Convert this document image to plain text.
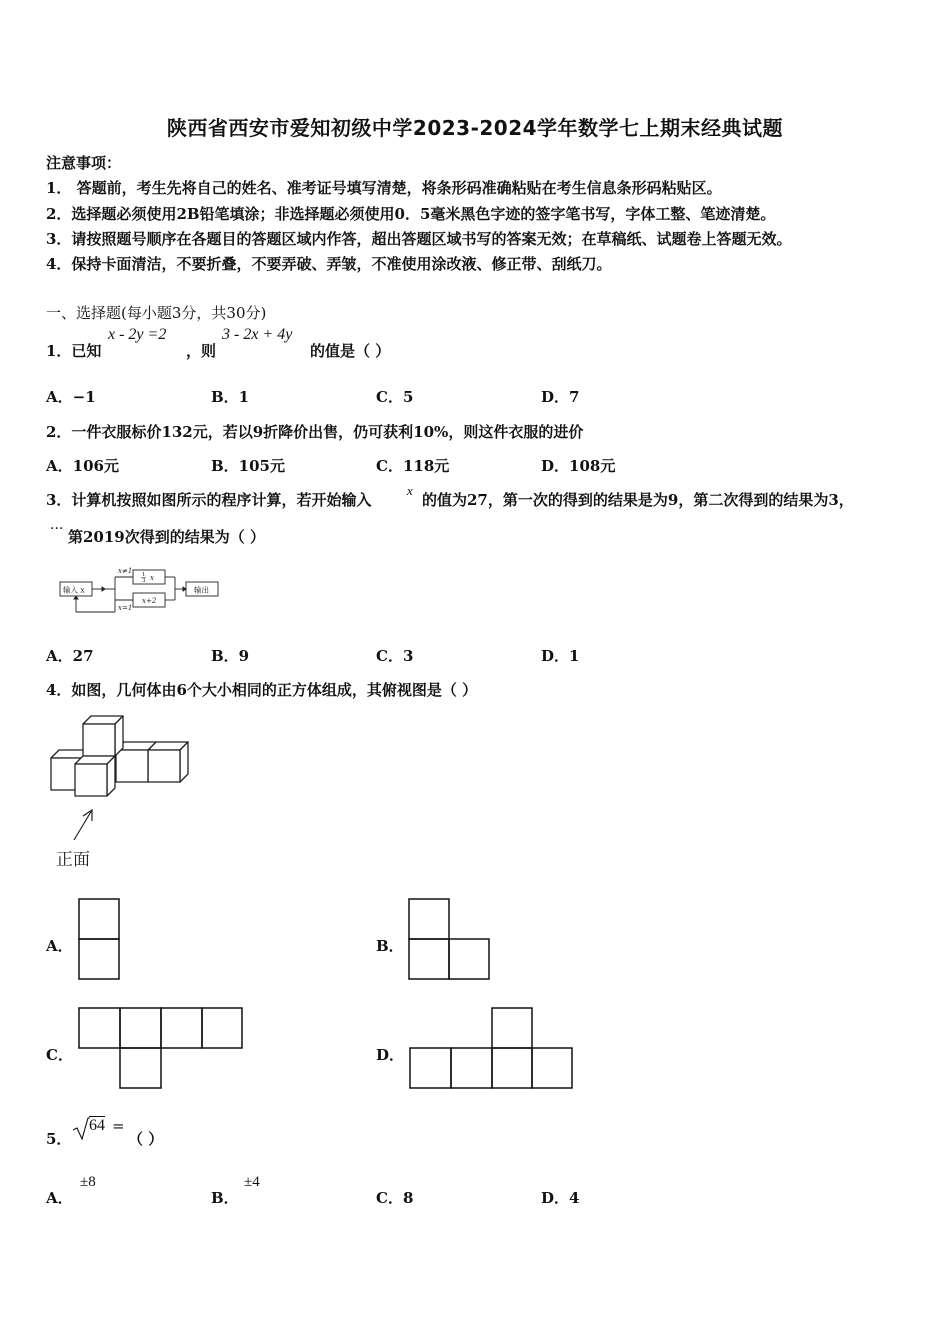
陕西省西安市爱知初级中学2023-2024学年数学七上期末经典试题
注意事项：
1． 答题前，考生先将自己的姓名、准考证号填写清楚，将条形码准确粘贴在考生信息条形码粘贴区。
2．选择题必须使用2B铅笔填涂；非选择题必须使用0．5毫米黑色字迹的签字笔书写，字体工整、笔迹清楚。
3．请按照题号顺序在各题目的答题区域内作答，超出答题区域书写的答案无效；在草稿纸、试题卷上答题无效。
4．保持卡面清洁，不要折叠，不要弄破、弄皱，不准使用涂改液、修正带、刮纸刀。
一、选择题(每小题3分，共30分)
1．已知
x - 2y =2
，则
3 - 2x + 4y
的值是（ ）
A．−1	B．1	C．5	D．7
2．一件衣服标价132元，若以9折降价出售，仍可获利10%，则这件衣服的进价
A．106元	B．105元	C．118元	D．108元
3．计算机按照如图所示的程序计算，若开始输入
x
的值为27，第一次的得到的结果是为9，第二次得到的结果为3，
··· 第2019次得到的结果为（ ）
输入 x	输出
x≠1
x=1
1
3 x
x+2
A．27	B．9	C．3	D．1
4．如图，几何体由6个大小相同的正方体组成，其俯视图是（ ）
正面
A．	B．
C．	D．
5．
64 =
（ ）
A．
±8
B．
±4
C．8	D．4
